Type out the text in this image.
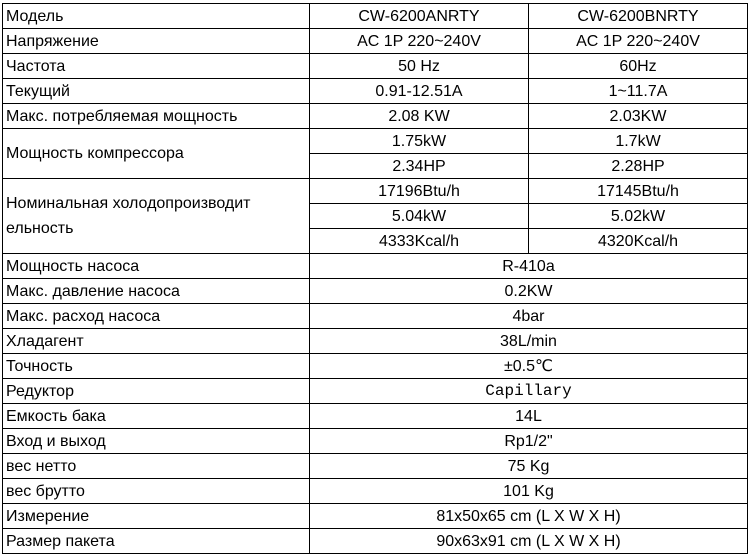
Модель	CW-6200ANRTY	CW-6200BNRTY
Напряжение	AC 1P 220~240V	AC 1P 220~240V
Частота	50 Hz	60Hz
Текущий	0.91-12.51A	1~11.7A
Макс. потребляемая мощность	2.08 KW	2.03KW
Мощность компрессора	1.75kW	1.7kW
	2.34HP	2.28HP
Номинальная холодопроизводит ельность	17196Btu/h	17145Btu/h
	5.04kW	5.02kW
	4333Kcal/h	4320Kcal/h
Мощность насоса	R-410a	
Макс. давление насоса	0.2KW	
Макс. расход насоса	4bar	
Хладагент	38L/min	
Точность	±0.5℃	
Редуктор	Capillary	
Емкость бака	14L	
Вход и выход	Rp1/2"	
вес нетто	75 Kg	
вес брутто	101 Kg	
Измерение	81x50x65 cm (L X W X H)	
Размер пакета	90x63x91 cm (L X W X H)	
